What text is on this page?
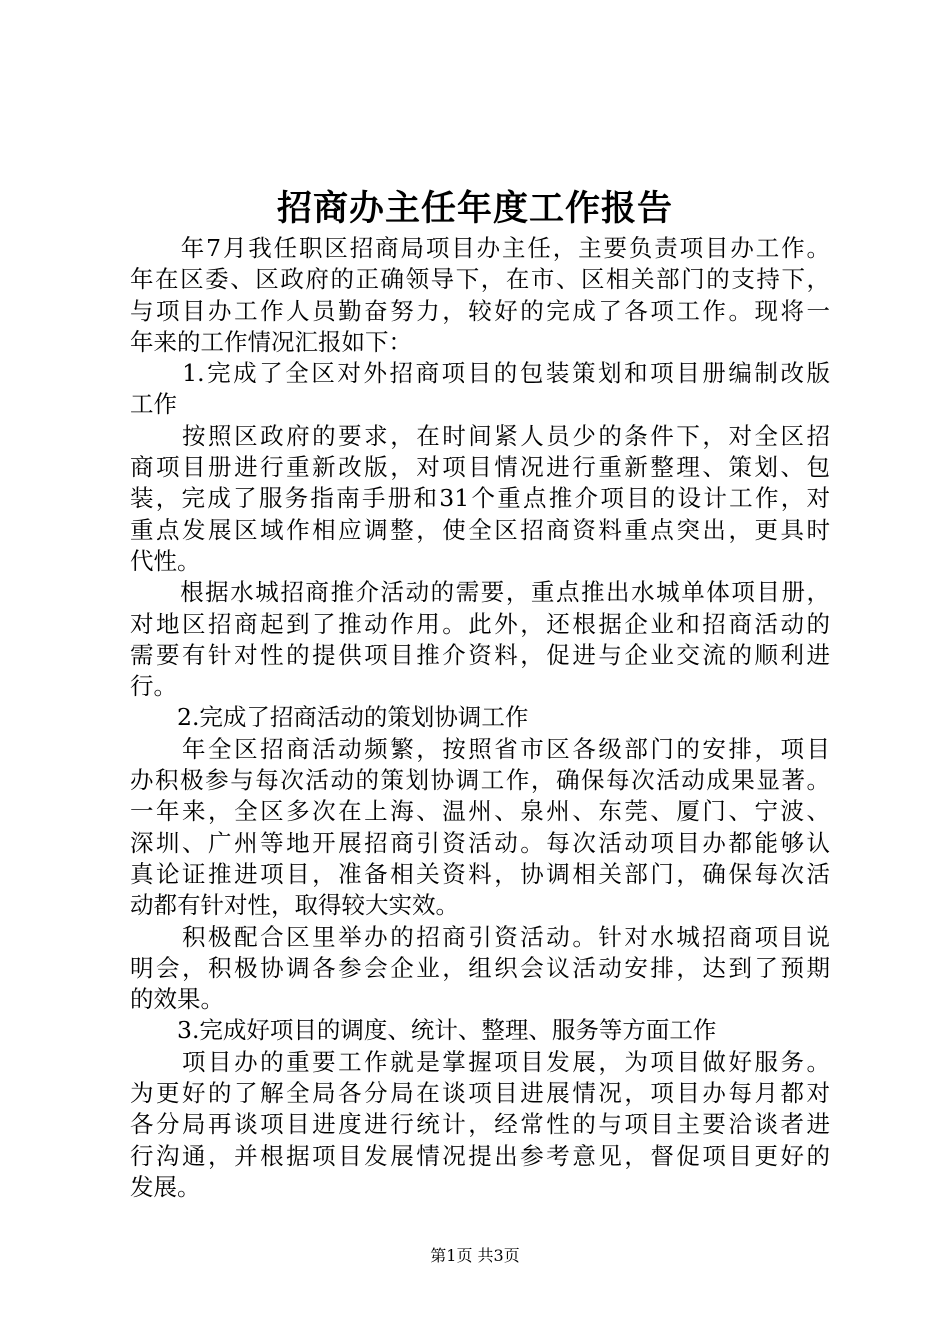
招商办主任年度工作报告
　　年7月我任职区招商局项目办主任，主要负责项目办工作。
年在区委、区政府的正确领导下，在市、区相关部门的支持下，
与项目办工作人员勤奋努力，较好的完成了各项工作。现将一
年来的工作情况汇报如下：
　　1.完成了全区对外招商项目的包装策划和项目册编制改版
工作
　　按照区政府的要求，在时间紧人员少的条件下，对全区招
商项目册进行重新改版，对项目情况进行重新整理、策划、包
装，完成了服务指南手册和31个重点推介项目的设计工作，对
重点发展区域作相应调整，使全区招商资料重点突出，更具时
代性。
　　根据水城招商推介活动的需要，重点推出水城单体项目册，
对地区招商起到了推动作用。此外，还根据企业和招商活动的
需要有针对性的提供项目推介资料，促进与企业交流的顺利进
行。
　　2.完成了招商活动的策划协调工作
　　年全区招商活动频繁，按照省市区各级部门的安排，项目
办积极参与每次活动的策划协调工作，确保每次活动成果显著。
一年来，全区多次在上海、温州、泉州、东莞、厦门、宁波、
深圳、广州等地开展招商引资活动。每次活动项目办都能够认
真论证推进项目，准备相关资料，协调相关部门，确保每次活
动都有针对性，取得较大实效。
　　积极配合区里举办的招商引资活动。针对水城招商项目说
明会，积极协调各参会企业，组织会议活动安排，达到了预期
的效果。
　　3.完成好项目的调度、统计、整理、服务等方面工作
　　项目办的重要工作就是掌握项目发展，为项目做好服务。
为更好的了解全局各分局在谈项目进展情况，项目办每月都对
各分局再谈项目进度进行统计，经常性的与项目主要洽谈者进
行沟通，并根据项目发展情况提出参考意见，督促项目更好的
发展。
第1页 共3页
